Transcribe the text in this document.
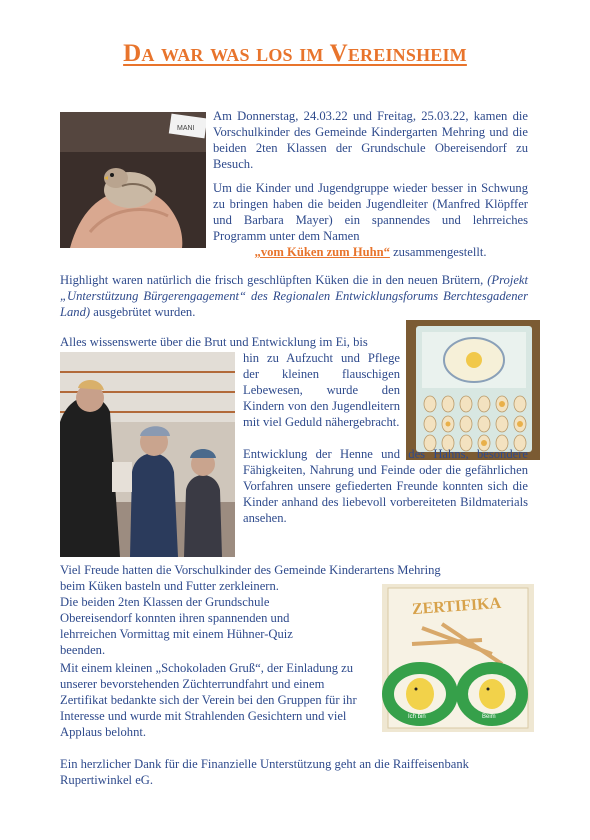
Da war was los im Vereinsheim
MANI

Am Donnerstag, 24.03.22 und Freitag, 25.03.22, kamen die Vorschulkinder des Gemeinde Kindergarten Mehring und die beiden 2ten Klassen der Grundschule Obereisendorf zu Besuch.

Um die Kinder und Jugendgruppe wieder besser in Schwung zu bringen haben die beiden Jugendleiter (Manfred Klöpffer und Barbara Mayer) ein spannendes und lehrreiches Programm unter dem Namen

„vom Küken zum Huhn“ zusammengestellt.

Highlight waren natürlich die frisch geschlüpften Küken die in den neuen Brütern, (Projekt „Unterstützung Bürgerengagement“ des Regionalen Entwicklungsforums Berchtesgadener Land) ausgebrütet wurden.

Alles wissenswerte über die Brut und Entwicklung im Ei, bis

hin zu Aufzucht und Pflege der kleinen flauschigen Lebewesen, wurde den Kindern von den Jugendleitern mit viel Geduld nähergebracht.

Entwicklung der Henne und des Hahns, besondere Fähigkeiten, Nahrung und Feinde oder die gefährlichen Vorfahren unsere gefiederten Freunde konnten sich die Kinder anhand des liebevoll vorbereiteten Bildmaterials ansehen.

Viel Freude hatten die Vorschulkinder des Gemeinde Kinderartens Mehring

beim Küken basteln und Futter zerkleinern.

Die beiden 2ten Klassen der Grundschule Obereisendorf konnten ihren spannenden und lehrreichen Vormittag mit einem Hühner-Quiz beenden.

Mit einem kleinen „Schokoladen Gruß“, der Einladung zu unserer bevorstehenden Züchterrundfahrt und einem Zertifikat bedankte sich der Verein bei den Gruppen für ihr Interesse und wurde mit Strahlenden Gesichtern und viel Applaus belohnt.

ZERTIFIKA
Ich bin	Beim

Ein herzlicher Dank für die Finanzielle Unterstützung geht an die Raiffeisenbank Rupertiwinkel eG.
